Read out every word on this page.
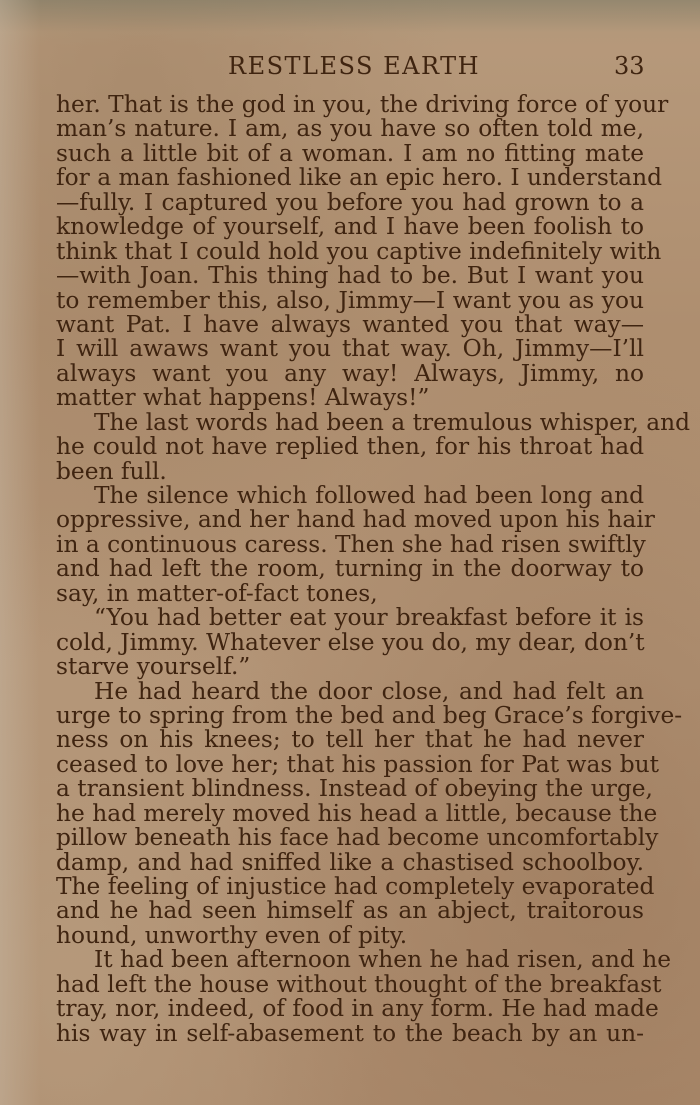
RESTLESS EARTH	33
her. That is the god in you, the driving force of your
man’s nature. I am, as you have so often told me,
such a little bit of a woman. I am no fitting mate
for a man fashioned like an epic hero. I understand
—fully. I captured you before you had grown to a
knowledge of yourself, and I have been foolish to
think that I could hold you captive indefinitely with
—with Joan. This thing had to be. But I want you
to remember this, also, Jimmy—I want you as you
want Pat. I have always wanted you that way—
I will awaws want you that way. Oh, Jimmy—I’ll
always want you any way! Always, Jimmy, no
matter what happens! Always!”
The last words had been a tremulous whisper, and
he could not have replied then, for his throat had
been full.
The silence which followed had been long and
oppressive, and her hand had moved upon his hair
in a continuous caress. Then she had risen swiftly
and had left the room, turning in the doorway to
say, in matter-of-fact tones,
“You had better eat your breakfast before it is
cold, Jimmy. Whatever else you do, my dear, don’t
starve yourself.”
He had heard the door close, and had felt an
urge to spring from the bed and beg Grace’s forgive-
ness on his knees; to tell her that he had never
ceased to love her; that his passion for Pat was but
a transient blindness. Instead of obeying the urge,
he had merely moved his head a little, because the
pillow beneath his face had become uncomfortably
damp, and had sniffed like a chastised schoolboy.
The feeling of injustice had completely evaporated
and he had seen himself as an abject, traitorous
hound, unworthy even of pity.
It had been afternoon when he had risen, and he
had left the house without thought of the breakfast
tray, nor, indeed, of food in any form. He had made
his way in self-abasement to the beach by an un-
